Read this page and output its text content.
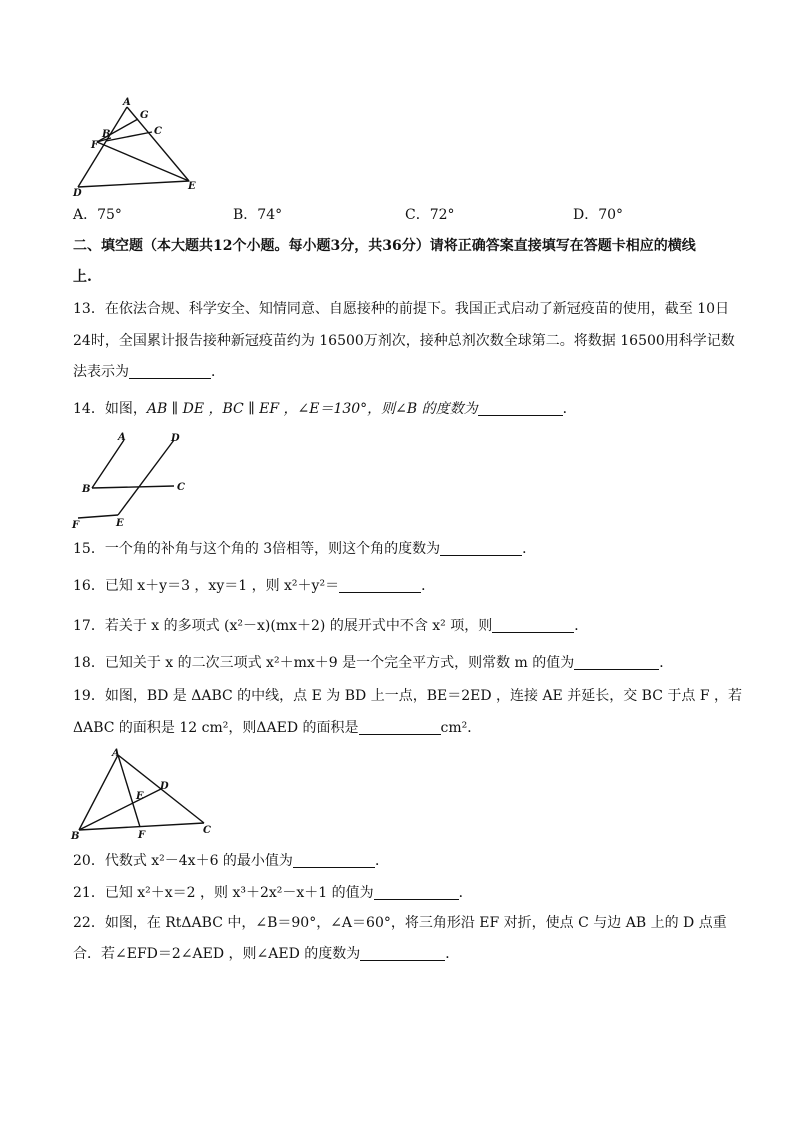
A
G
B	C
F
D
E
A．75°	B．74°	C．72°	D．70°
二、填空题（本大题共12个小题。每小题3分，共36分）请将正确答案直接填写在答题卡相应的横线
上.
13．在依法合规、科学安全、知情同意、自愿接种的前提下。我国正式启动了新冠疫苗的使用，截至 10日
24时，全国累计报告接种新冠疫苗约为 16500万剂次，接种总剂次数全球第二。将数据 16500用科学记数
法表示为	．
14．如图，AB ∥ DE ，BC ∥ EF ，∠E＝130°，则∠B 的度数为	．
A	D
B	C
F	E
15．一个角的补角与这个角的 3倍相等，则这个角的度数为	．
16．已知 x＋y＝3 ，xy＝1 ，则 x²＋y²＝	．
17．若关于 x 的多项式 (x²－x)(mx＋2) 的展开式中不含 x² 项，则	．
18．已知关于 x 的二次三项式 x²＋mx＋9 是一个完全平方式，则常数 m 的值为	．
19．如图，BD 是 ΔABC 的中线，点 E 为 BD 上一点，BE＝2ED ，连接 AE 并延长，交 BC 于点 F ，若
ΔABC 的面积是 12 cm²，则ΔAED 的面积是	cm²．
A
D
E
B	F	C
20．代数式 x²－4x＋6 的最小值为	．
21．已知 x²＋x＝2 ，则 x³＋2x²－x＋1 的值为	．
22．如图，在 RtΔABC 中，∠B＝90°，∠A＝60°，将三角形沿 EF 对折，使点 C 与边 AB 上的 D 点重
合．若∠EFD＝2∠AED ，则∠AED 的度数为	．
